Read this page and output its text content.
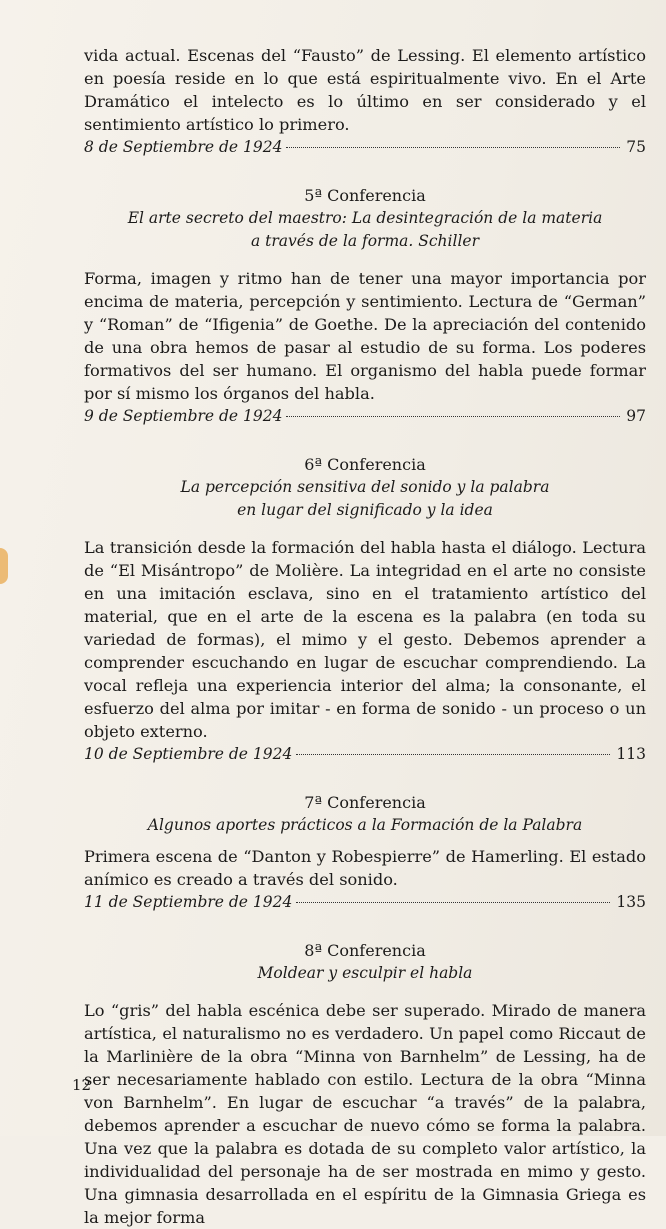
vida actual. Escenas del “Fausto” de Lessing. El elemento artístico en poesía reside en lo que está espiritualmente vivo. En el Arte Dramático el intelecto es lo último en ser considerado y el sentimiento artístico lo primero.

8 de Septiembre de 1924	75

5ª Conferencia

El arte secreto del maestro: La desintegración de la materia

a través de la forma. Schiller

Forma, imagen y ritmo han de tener una mayor importancia por encima de materia, percepción y sentimiento. Lectura de “German” y “Roman” de “Ifigenia” de Goethe. De la apreciación del contenido de una obra hemos de pasar al estudio de su forma. Los poderes formativos del ser humano. El organismo del habla puede formar por sí mismo los órganos del habla.

9 de Septiembre de 1924	97

6ª Conferencia

La percepción sensitiva del sonido y la palabra

en lugar del significado y la idea

La transición desde la formación del habla hasta el diálogo. Lectura de “El Misántropo” de Molière. La integridad en el arte no consiste en una imitación esclava, sino en el tratamiento artístico del material, que en el arte de la escena es la palabra (en toda su variedad de formas), el mimo y el gesto. Debemos aprender a comprender escuchando en lugar de escuchar comprendiendo. La vocal refleja una experiencia interior del alma; la consonante, el esfuerzo del alma por imitar - en forma de sonido - un proceso o un objeto externo.

10 de Septiembre de 1924	113

7ª Conferencia

Algunos aportes prácticos a la Formación de la Palabra

Primera escena de “Danton y Robespierre” de Hamerling. El estado anímico es creado a través del sonido.

11 de Septiembre de 1924	135

8ª Conferencia

Moldear y esculpir el habla

Lo “gris” del habla escénica debe ser superado. Mirado de manera artística, el naturalismo no es verdadero. Un papel como Riccaut de la Marlinière de la obra “Minna von Barnhelm” de Lessing, ha de ser necesariamente hablado con estilo. Lectura de la obra “Minna von Barnhelm”. En lugar de escuchar “a través” de la palabra, debemos aprender a escuchar de nuevo cómo se forma la palabra. Una vez que la palabra es dotada de su completo valor artístico, la individualidad del personaje ha de ser mostrada en mimo y gesto. Una gimnasia desarrollada en el espíritu de la Gimnasia Griega es la mejor forma

12
